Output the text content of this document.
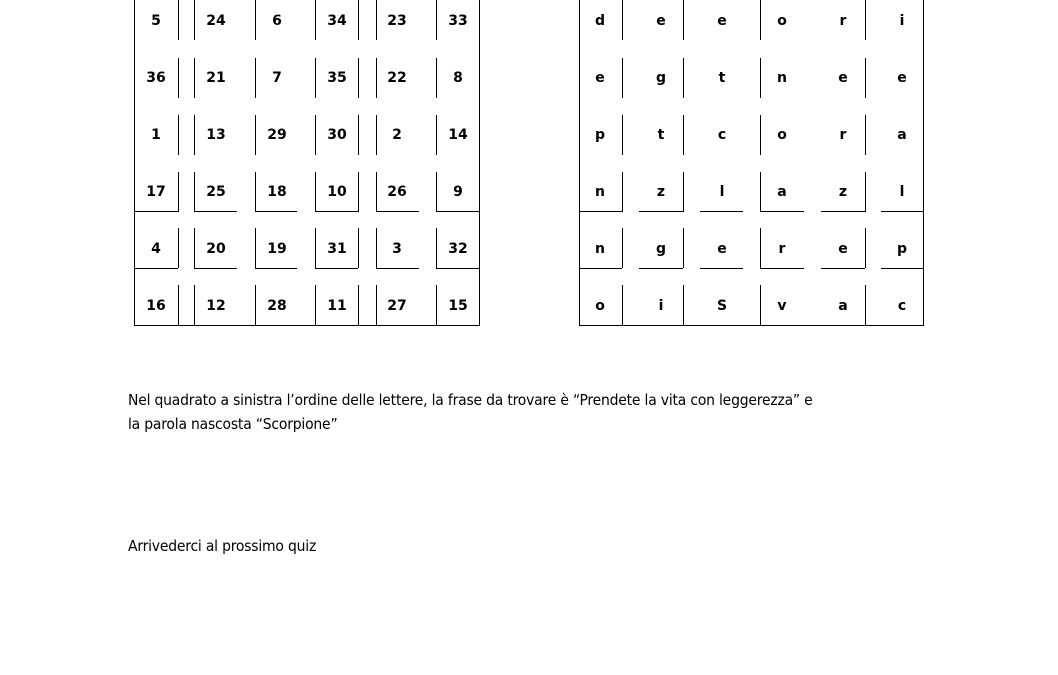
5	24	6	34	23	33
36	21	7	35	22	8
1	13	29	30	2	14
17	25	18	10	26	9
4	20	19	31	3	32
16	12	28	11	27	15
d	e	e	o	r	i
e	g	t	n	e	e
p	t	c	o	r	a
n	z	l	a	z	l
n	g	e	r	e	p
o	i	S	v	a	c
Nel quadrato a sinistra l’ordine delle lettere, la frase da trovare è “Prendete la vita con leggerezza” e
la parola nascosta “Scorpione”
Arrivederci al prossimo quiz
